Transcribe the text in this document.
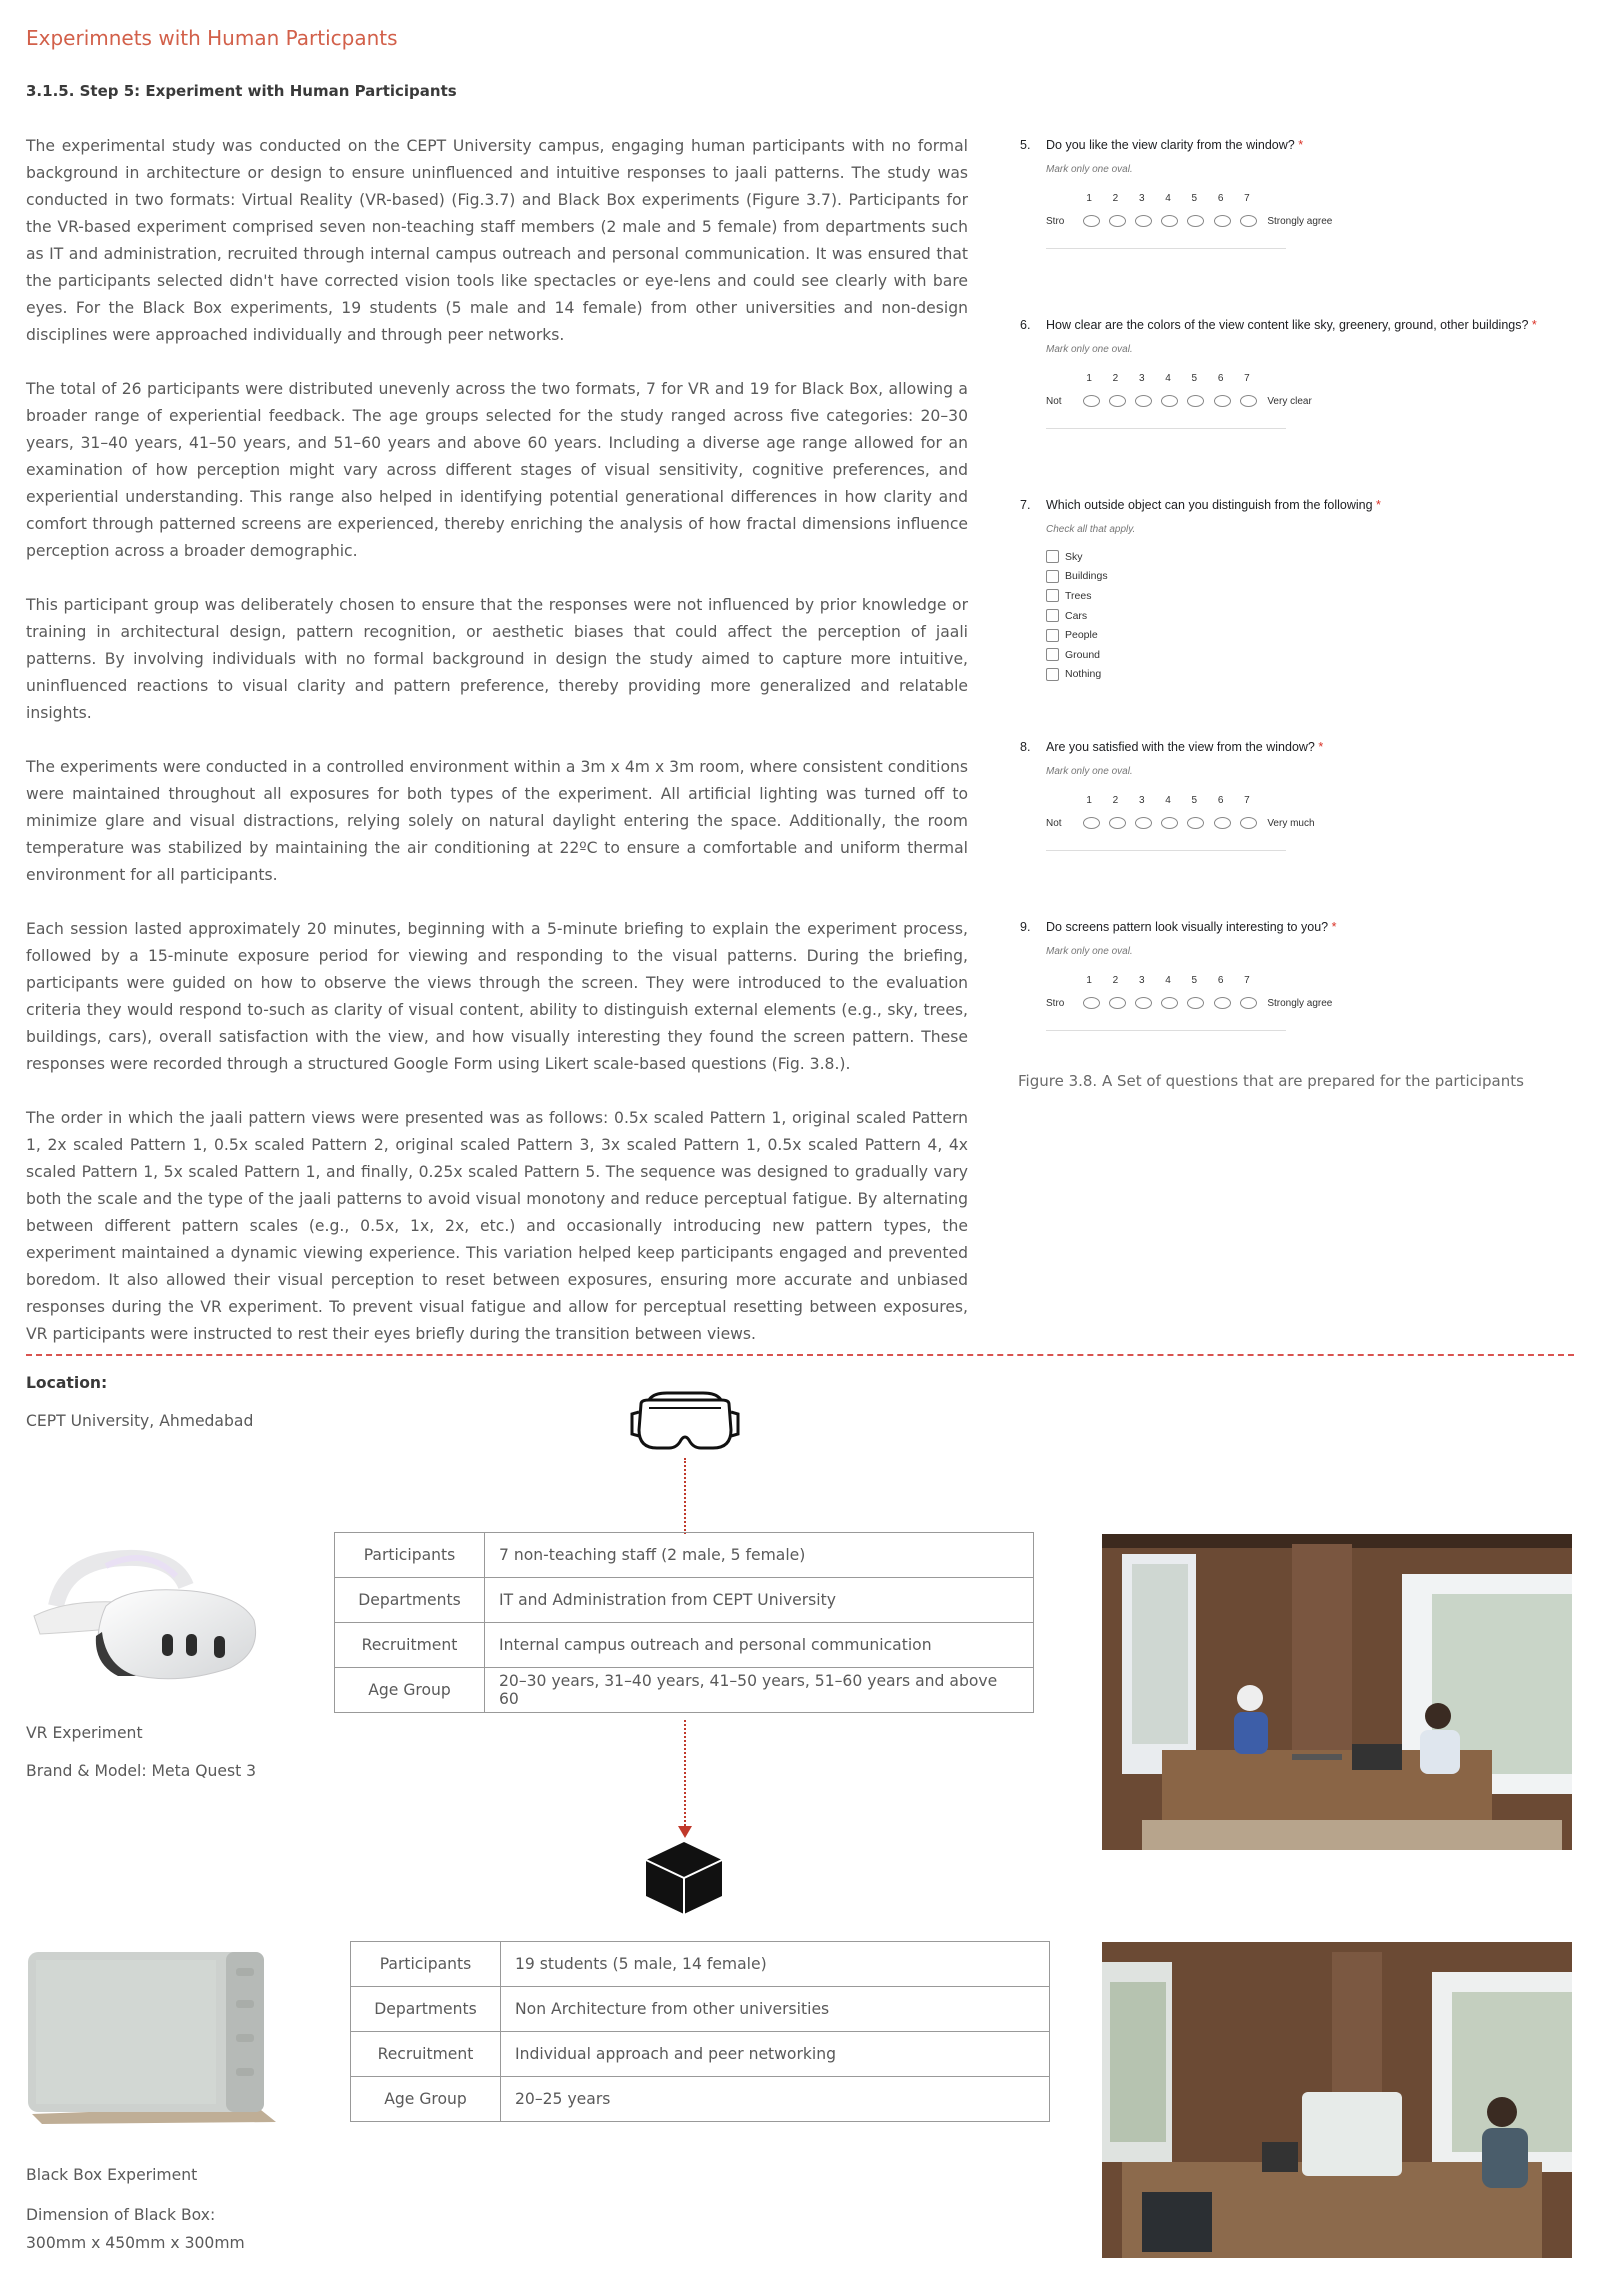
Experimnets with Human Particpants
3.1.5. Step 5: Experiment with Human Participants

The experimental study was conducted on the CEPT University campus, engaging human participants with no formal background in architecture or design to ensure uninfluenced and intuitive responses to jaali patterns. The study was conducted in two formats: Virtual Reality (VR-based) (Fig.3.7) and Black Box experiments (Figure 3.7). Participants for the VR-based experiment comprised seven non-teaching staff members (2 male and 5 female) from departments such as IT and administration, recruited through internal campus outreach and personal communication. It was ensured that the participants selected didn't have corrected vision tools like spectacles or eye-lens and could see clearly with bare eyes. For the Black Box experiments, 19 students (5 male and 14 female) from other universities and non-design disciplines were approached individually and through peer networks.

The total of 26 participants were distributed unevenly across the two formats, 7 for VR and 19 for Black Box, allowing a broader range of experiential feedback. The age groups selected for the study ranged across five categories: 20–30 years, 31–40 years, 41–50 years, and 51–60 years and above 60 years. Including a diverse age range allowed for an examination of how perception might vary across different stages of visual sensitivity, cognitive preferences, and experiential understanding. This range also helped in identifying potential generational differences in how clarity and comfort through patterned screens are experienced, thereby enriching the analysis of how fractal dimensions influence perception across a broader demographic.

This participant group was deliberately chosen to ensure that the responses were not influenced by prior knowledge or training in architectural design, pattern recognition, or aesthetic biases that could affect the perception of jaali patterns. By involving individuals with no formal background in design the study aimed to capture more intuitive, uninfluenced reactions to visual clarity and pattern preference, thereby providing more generalized and relatable insights.

The experiments were conducted in a controlled environment within a 3m x 4m x 3m room, where consistent conditions were maintained throughout all exposures for both types of the experiment. All artificial lighting was turned off to minimize glare and visual distractions, relying solely on natural daylight entering the space. Additionally, the room temperature was stabilized by maintaining the air conditioning at 22ºC to ensure a comfortable and uniform thermal environment for all participants.

Each session lasted approximately 20 minutes, beginning with a 5-minute briefing to explain the experiment process, followed by a 15-minute exposure period for viewing and responding to the visual patterns. During the briefing, participants were guided on how to observe the views through the screen. They were introduced to the evaluation criteria they would respond to-such as clarity of visual content, ability to distinguish external elements (e.g., sky, trees, buildings, cars), overall satisfaction with the view, and how visually interesting they found the screen pattern. These responses were recorded through a structured Google Form using Likert scale-based questions (Fig. 3.8.).

The order in which the jaali pattern views were presented was as follows: 0.5x scaled Pattern 1, original scaled Pattern 1, 2x scaled Pattern 1, 0.5x scaled Pattern 2, original scaled Pattern 3, 3x scaled Pattern 1, 0.5x scaled Pattern 4, 4x scaled Pattern 1, 5x scaled Pattern 1, and finally, 0.25x scaled Pattern 5. The sequence was designed to gradually vary both the scale and the type of the jaali patterns to avoid visual monotony and reduce perceptual fatigue. By alternating between different pattern scales (e.g., 0.5x, 1x, 2x, etc.) and occasionally introducing new pattern types, the experiment maintained a dynamic viewing experience. This variation helped keep participants engaged and prevented boredom. It also allowed their visual perception to reset between exposures, ensuring more accurate and unbiased responses during the VR experiment. To prevent visual fatigue and allow for perceptual resetting between exposures, VR participants were instructed to rest their eyes briefly during the transition between views.

5. Do you like the view clarity from the window? *
Mark only one oval.
1 2 3 4 5 6 7
Stro	Strongly agree
6. How clear are the colors of the view content like sky, greenery, ground, other buildings? *
Mark only one oval.
1 2 3 4 5 6 7
Not	Very clear
7. Which outside object can you distinguish from the following *
Check all that apply.
Sky
Buildings
Trees
Cars
People
Ground
Nothing
8. Are you satisfied with the view from the window? *
Mark only one oval.
1 2 3 4 5 6 7
Not	Very much
9. Do screens pattern look visually interesting to you? *
Mark only one oval.
1 2 3 4 5 6 7
Stro	Strongly agree
Figure 3.8. A Set of questions that are prepared for the participants
Location:
CEPT University, Ahmedabad
Participants	7 non-teaching staff (2 male, 5 female)
Departments	IT and Administration from CEPT University
Recruitment	Internal campus outreach and personal communication
Age Group	20–30 years, 31–40 years, 41–50 years, 51–60 years and above 60
VR Experiment
Brand & Model: Meta Quest 3
Participants	19 students (5 male, 14 female)
Departments	Non Architecture from other universities
Recruitment	Individual approach and peer networking
Age Group	20–25 years
Black Box Experiment
Dimension of Black Box:
300mm x 450mm x 300mm
